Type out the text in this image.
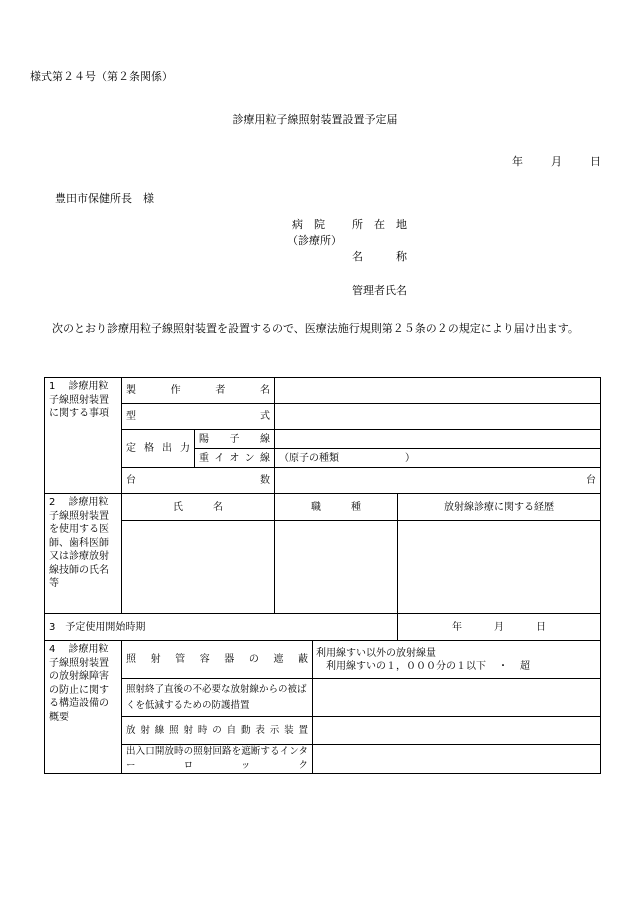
様式第２４号（第２条関係）
診療用粒子線照射装置設置予定届
年	月	日
豊田市保健所長　様
病　院 所　在　地
（診療所）
名　　　称
管理者氏名
次のとおり診療用粒子線照射装置を設置するので、医療法施行規則第２５条の２の規定により届け出ます。
1　 診療用粒子線照射装置に関する事項	製作者名				
	型式				
	定格出力	陽子線			
		重イオン線	（原子の種類 ）		
	台数		台		
2　 診療用粒子線照射装置を使用する医師、歯科医師又は診療放射線技師の氏名等	氏　　　名		職　　　種		放射線診療に関する経歴

3　予定使用開始時期					年 月 日
4　 診療用粒子線照射装置の放射線障害の防止に関する構造設備の概要	照射管容器の遮蔽			利用線すい以外の放射線量
利用線すいの１，０００分の１以下 ・ 超	

	照射終了直後の不必要な放射線からの被ばくを低減するための防護措置				
	放射線照射時の自動表示装置				
	出入口開放時の照射回路を遮断するインターロック				
